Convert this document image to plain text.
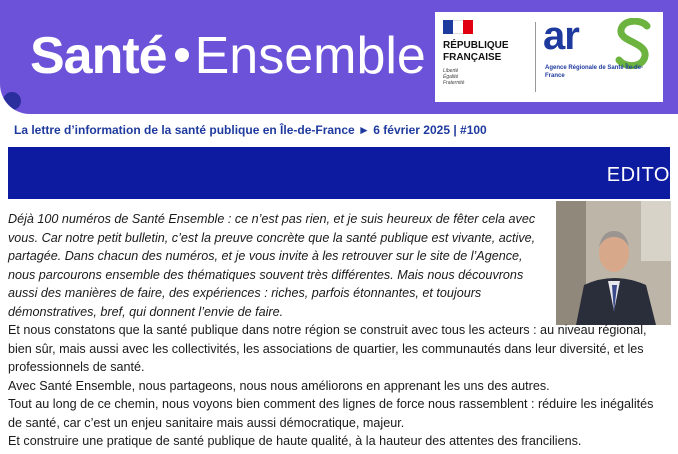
Santé Ensemble RÉPUBLIQUE
FRANÇAISE
Liberté
Égalité
Fraternité
ar
Agence Régionale de Santé Île-de-France
La lettre d’information de la santé publique en Île-de-France ► 6 février 2025 | #100
EDITO

Déjà 100 numéros de Santé Ensemble : ce n’est pas rien, et je suis heureux de fêter cela avec vous. Car notre petit bulletin, c’est la preuve concrète que la santé publique est vivante, active, partagée. Dans chacun des numéros, et je vous invite à les retrouver sur le site de l’Agence, nous parcourons ensemble des thématiques souvent très différentes. Mais nous découvrons aussi des manières de faire, des expériences : riches, parfois étonnantes, et toujours démonstratives, bref, qui donnent l’envie de faire.

Et nous constatons que la santé publique dans notre région se construit avec tous les acteurs : au niveau régional, bien sûr, mais aussi avec les collectivités, les associations de quartier, les communautés dans leur diversité, et les professionnels de santé.

Avec Santé Ensemble, nous partageons, nous nous améliorons en apprenant les uns des autres.

Tout au long de ce chemin, nous voyons bien comment des lignes de force nous rassemblent : réduire les inégalités de santé, car c’est un enjeu sanitaire mais aussi démocratique, majeur.

Et construire une pratique de santé publique de haute qualité, à la hauteur des attentes des franciliens.
